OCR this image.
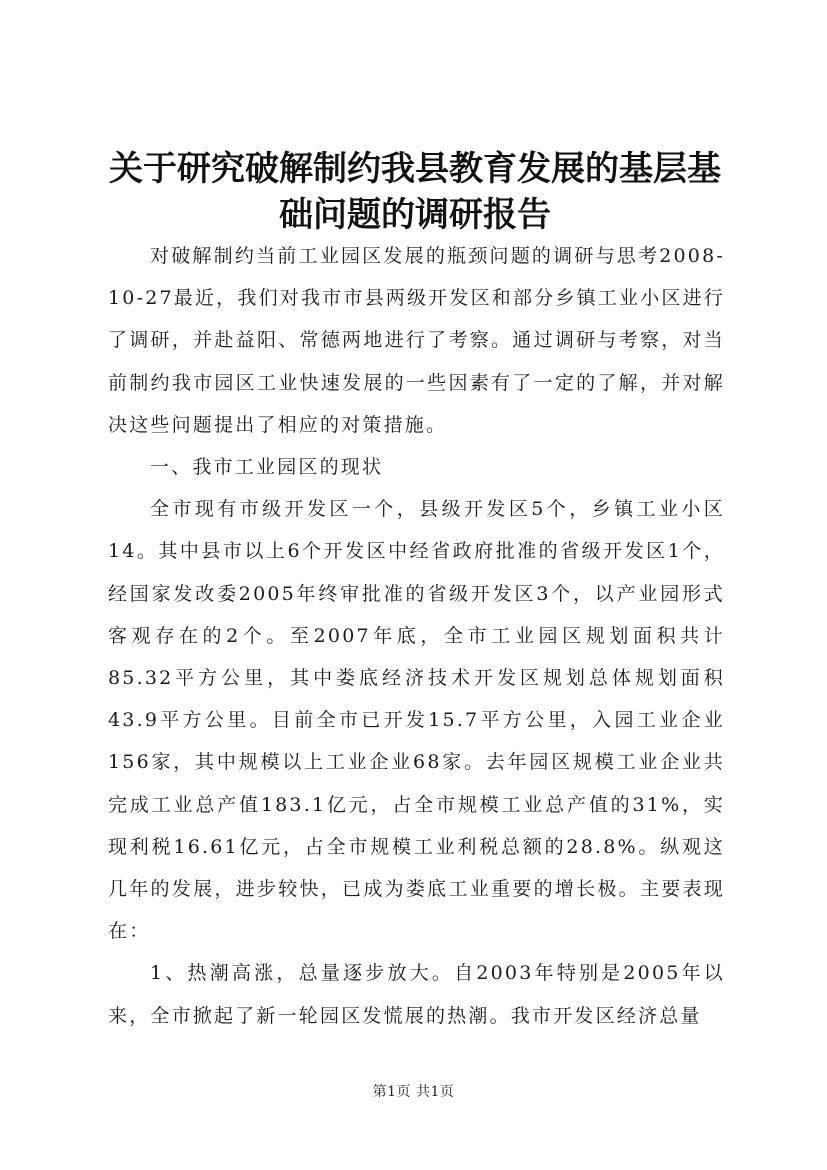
关于研究破解制约我县教育发展的基层基础问题的调研报告

对破解制约当前工业园区发展的瓶颈问题的调研与思考2008-10-27最近，我们对我市市县两级开发区和部分乡镇工业小区进行了调研，并赴益阳、常德两地进行了考察。通过调研与考察，对当前制约我市园区工业快速发展的一些因素有了一定的了解，并对解决这些问题提出了相应的对策措施。

一、我市工业园区的现状

全市现有市级开发区一个，县级开发区5个，乡镇工业小区14。其中县市以上6个开发区中经省政府批准的省级开发区1个，经国家发改委2005年终审批准的省级开发区3个，以产业园形式客观存在的2个。至2007年底，全市工业园区规划面积共计85.32平方公里，其中娄底经济技术开发区规划总体规划面积43.9平方公里。目前全市已开发15.7平方公里，入园工业企业156家，其中规模以上工业企业68家。去年园区规模工业企业共完成工业总产值183.1亿元，占全市规模工业总产值的31%，实现利税16.61亿元，占全市规模工业利税总额的28.8%。纵观这几年的发展，进步较快，已成为娄底工业重要的增长极。主要表现在：

1、热潮高涨，总量逐步放大。自2003年特别是2005年以来，全市掀起了新一轮园区发慌展的热潮。我市开发区经济总量

第1页 共1页
